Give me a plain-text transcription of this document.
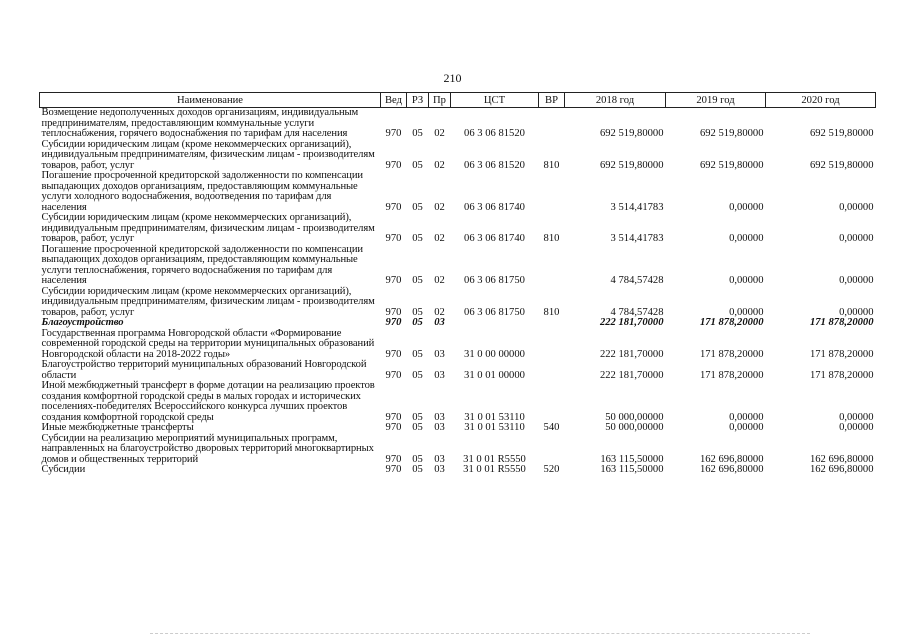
210
Наименование	Вед	РЗ	Пр	ЦСТ	ВР	2018 год	2019 год	2020 год
Возмещение недополученных доходов организациям, индивидуальным предпринимателям, предоставляющим коммунальные услуги теплоснабжения, горячего водоснабжения по тарифам для населения	970	05	02	06 3 06 81520		692 519,80000	692 519,80000	692 519,80000
Субсидии юридическим лицам (кроме некоммерческих организаций), индивидуальным предпринимателям, физическим лицам - производителям товаров, работ, услуг	970	05	02	06 3 06 81520	810	692 519,80000	692 519,80000	692 519,80000
Погашение просроченной кредиторской задолженности по компенсации выпадающих доходов организациям, предоставляющим коммунальные услуги холодного водоснабжения, водоотведения по тарифам для населения	970	05	02	06 3 06 81740		3 514,41783	0,00000	0,00000
Субсидии юридическим лицам (кроме некоммерческих организаций), индивидуальным предпринимателям, физическим лицам - производителям товаров, работ, услуг	970	05	02	06 3 06 81740	810	3 514,41783	0,00000	0,00000
Погашение просроченной кредиторской задолженности по компенсации выпадающих доходов организациям, предоставляющим коммунальные услуги теплоснабжения, горячего водоснабжения по тарифам для населения	970	05	02	06 3 06 81750		4 784,57428	0,00000	0,00000
Субсидии юридическим лицам (кроме некоммерческих организаций), индивидуальным предпринимателям, физическим лицам - производителям товаров, работ, услуг	970	05	02	06 3 06 81750	810	4 784,57428	0,00000	0,00000
Благоустройство	970	05	03			222 181,70000	171 878,20000	171 878,20000
Государственная программа Новгородской области «Формирование современной городской среды на территории муниципальных образований Новгородской области на 2018-2022 годы»	970	05	03	31 0 00 00000		222 181,70000	171 878,20000	171 878,20000
Благоустройство территорий муниципальных образований Новгородской области	970	05	03	31 0 01 00000		222 181,70000	171 878,20000	171 878,20000
Иной межбюджетный трансферт в форме дотации на реализацию проектов создания комфортной городской среды в малых городах и исторических поселениях-победителях Всероссийского конкурса лучших проектов создания комфортной городской среды	970	05	03	31 0 01 53110		50 000,00000	0,00000	0,00000
Иные межбюджетные трансферты	970	05	03	31 0 01 53110	540	50 000,00000	0,00000	0,00000
Субсидии на реализацию мероприятий муниципальных программ, направленных на благоустройство дворовых территорий многоквартирных домов и общественных территорий	970	05	03	31 0 01 R5550		163 115,50000	162 696,80000	162 696,80000
Субсидии	970	05	03	31 0 01 R5550	520	163 115,50000	162 696,80000	162 696,80000
